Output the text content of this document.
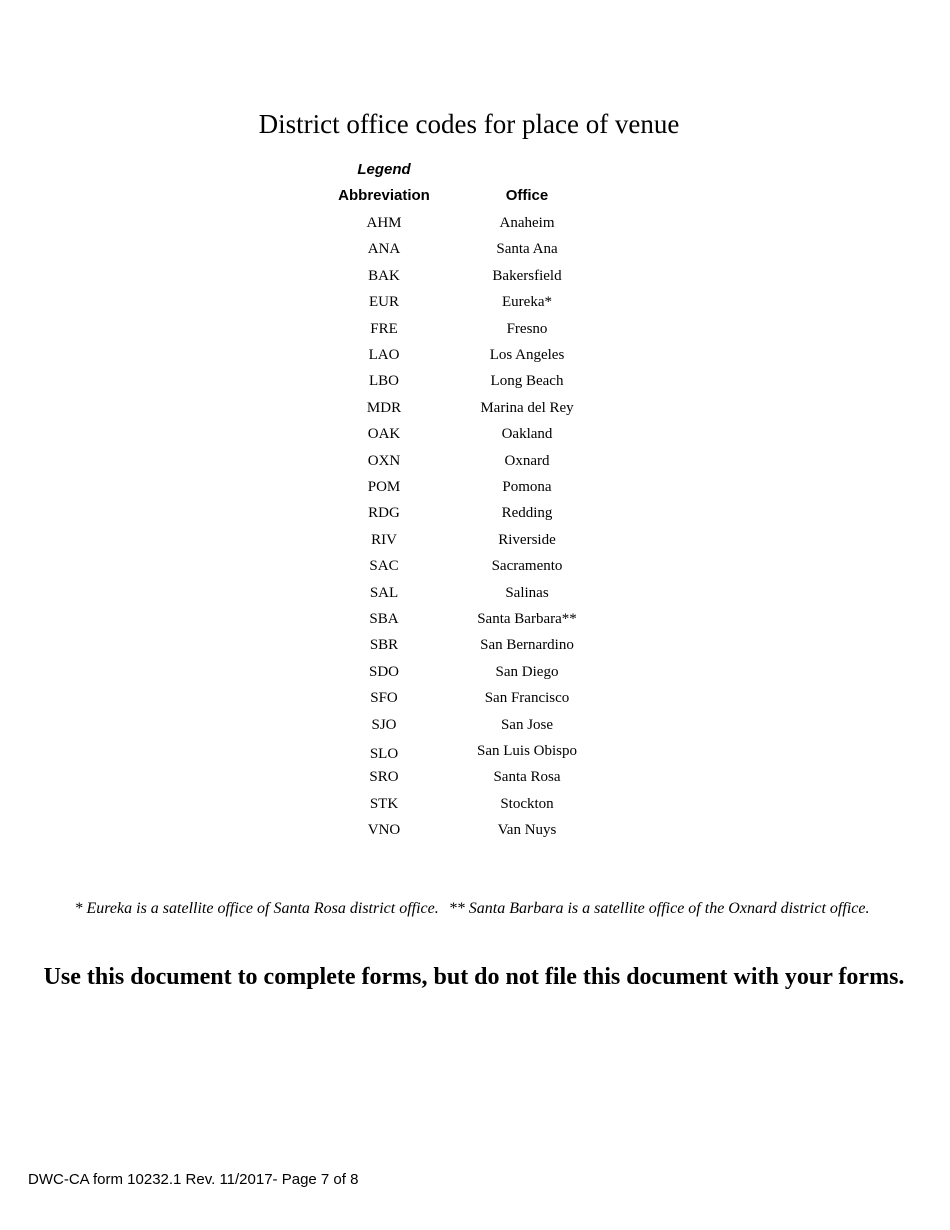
District office codes for place of venue
Legend
Abbreviation	Office
AHM	Anaheim
ANA	Santa Ana
BAK	Bakersfield
EUR	Eureka*
FRE	Fresno
LAO	Los Angeles
LBO	Long Beach
MDR	Marina del Rey
OAK	Oakland
OXN	Oxnard
POM	Pomona
RDG	Redding
RIV	Riverside
SAC	Sacramento
SAL	Salinas
SBA	Santa Barbara**
SBR	San Bernardino
SDO	San Diego
SFO	San Francisco
SJO	San Jose
SLO	San Luis Obispo
SRO	Santa Rosa
STK	Stockton
VNO	Van Nuys
* Eureka is a satellite office of Santa Rosa district office. ** Santa Barbara is a satellite office of the Oxnard district office.
Use this document to complete forms, but do not file this document with your forms.
DWC-CA form 10232.1 Rev. 11/2017- Page 7 of 8
